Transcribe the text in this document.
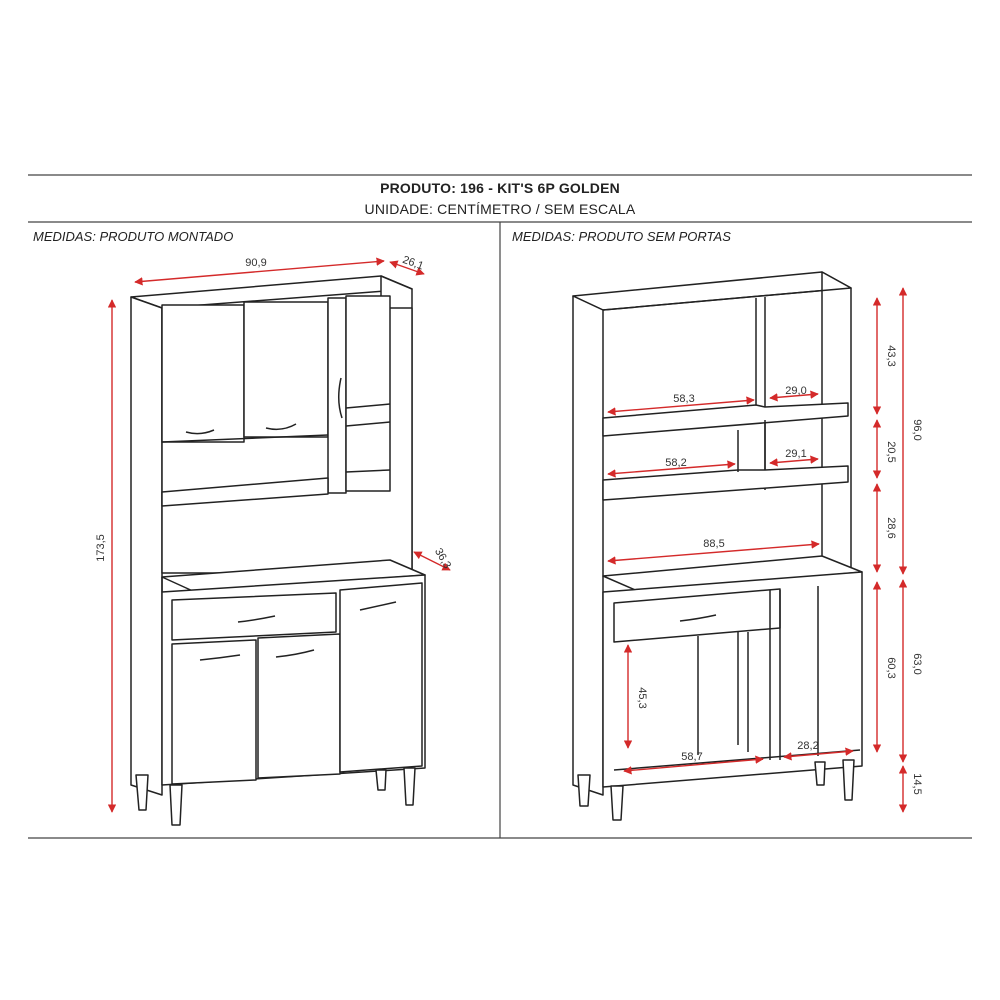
PRODUTO: 196 - KIT'S 6P GOLDEN
UNIDADE: CENTÍMETRO / SEM ESCALA
MEDIDAS: PRODUTO MONTADO	MEDIDAS: PRODUTO SEM PORTAS
90,9	26,1
173,5	36,3
58,3
29,0
58,2
29,1
88,5
58,7
28,2
45,3
43,3
20,5
28,6
60,3
96,0
63,0
14,5
